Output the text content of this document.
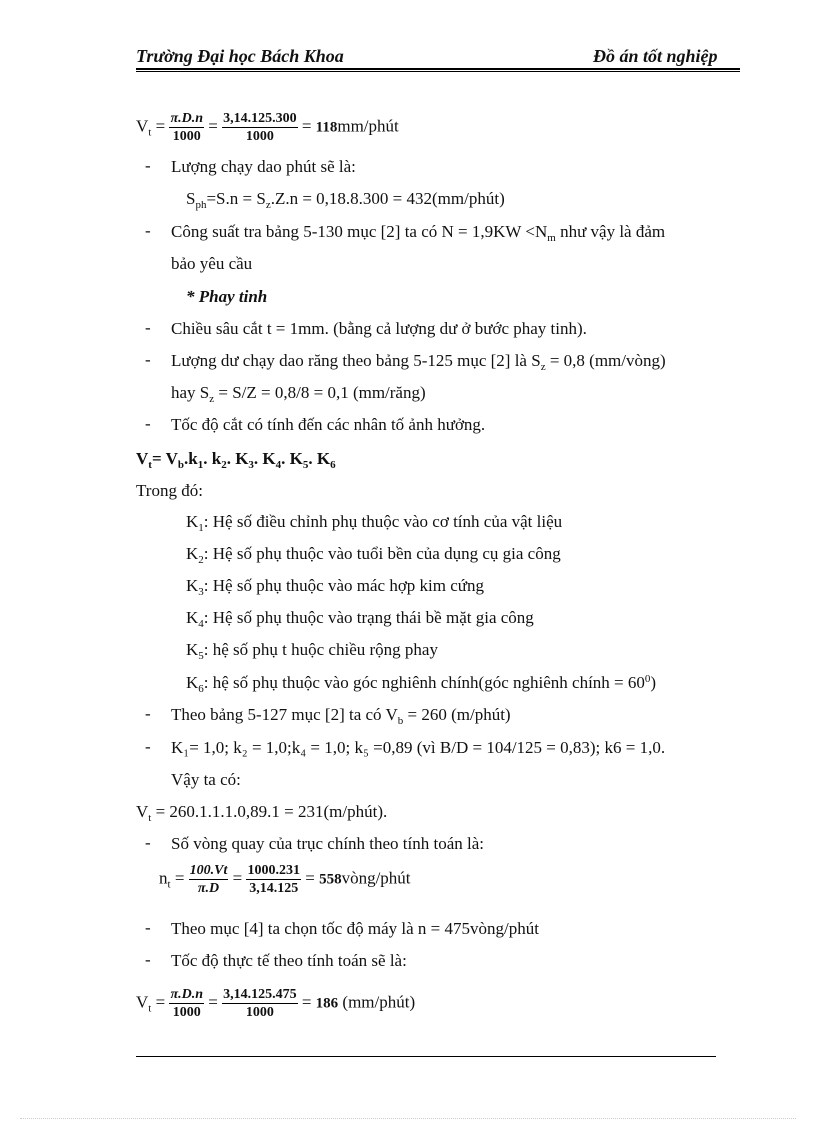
Trường Đại học Bách Khoa	Đồ án tốt nghiệp
$V_t = \frac{\pi.D.n}{1000} = \frac{3,14.125.300}{1000}$ = 118mm/phút
- Lượng chạy dao phút sẽ là:
$S_{ph}=S.n = S_z.Z.n = 0,18.8.300$ = 432(mm/phút)
- Công suất tra bảng 5-130 mục [2] ta có $N = 1,9KW <N_m$ như vậy là đảm
bảo yêu cầu
* Phay tinh
- Chiều sâu cắt t = 1mm. (bằng cả lượng dư ở bước phay tinh).
- Lượng dư chạy dao răng theo bảng 5-125 mục [2] là $S_z = 0,8$ (mm/vòng)
hay $S_z = S/Z = 0,8/8 = 0,1$ (mm/răng)
- Tốc độ cắt có tính đến các nhân tố ảnh hưởng.
$V_t= V_b.k_1$. $k_2$. $K_3$. $K_4$. $K_5$. $K_6$
Trong đó:
$K_1$: Hệ số điều chỉnh phụ thuộc vào cơ tính của vật liệu
$K_2$: Hệ số phụ thuộc vào tuổi bền của dụng cụ gia công
$K_3$: Hệ số phụ thuộc vào mác hợp kim cứng
$K_4$: Hệ số phụ thuộc vào trạng thái bề mặt gia công
$K_5$: hệ số phụ t huộc chiều rộng phay
$K_6$: hệ số phụ thuộc vào góc nghiênh chính(góc nghiênh chính = $60^0$)
- Theo bảng 5-127 mục [2] ta có $V_b = 260$ (m/phút)
- K₁= 1,0; k₂ = 1,0;k₄ = 1,0; k₅ =0,89 (vì B/D = 104/125 = 0,83); k6 = 1,0.
Vậy ta có:
$V_t = 260.1.1.1.0,89.1$ = 231(m/phút).
- Số vòng quay của trục chính theo tính toán là:
$n_t = \frac{100.Vt}{\pi.D} = \frac{1000.231}{3,14.125}$ = 558vòng/phút
- Theo mục [4] ta chọn tốc độ máy là n = 475vòng/phút
- Tốc độ thực tế theo tính toán sẽ là:
$V_t = \frac{\pi.D.n}{1000} = \frac{3,14.125.475}{1000} = 186$ (mm/phút)
